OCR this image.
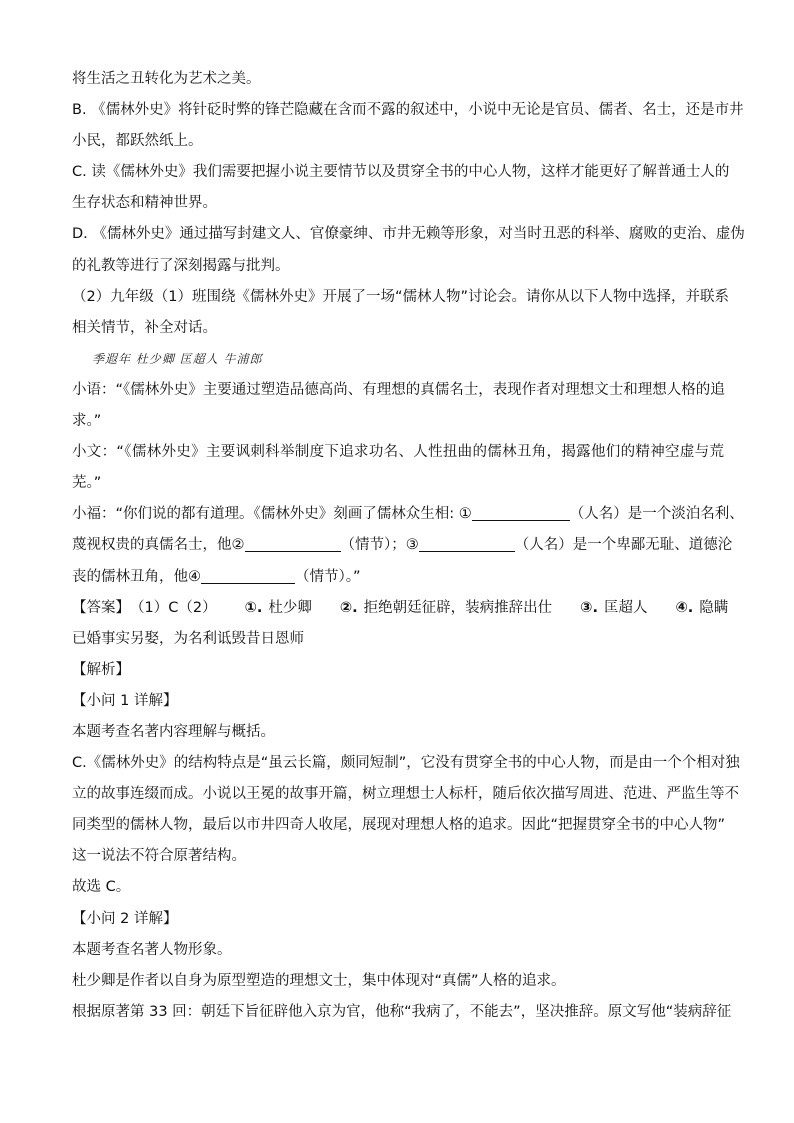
将生活之丑转化为艺术之美。
B. 《儒林外史》将针砭时弊的锋芒隐藏在含而不露的叙述中，小说中无论是官员、儒者、名士，还是市井
小民，都跃然纸上。
C. 读《儒林外史》我们需要把握小说主要情节以及贯穿全书的中心人物，这样才能更好了解普通士人的
生存状态和精神世界。
D. 《儒林外史》通过描写封建文人、官僚豪绅、市井无赖等形象，对当时丑恶的科举、腐败的吏治、虚伪
的礼教等进行了深刻揭露与批判。
（2）九年级（1）班围绕《儒林外史》开展了一场“儒林人物”讨论会。请你从以下人物中选择，并联系
相关情节，补全对话。
季遐年 杜少卿 匡超人 牛浦郎
小语：“《儒林外史》主要通过塑造品德高尚、有理想的真儒名士，表现作者对理想文士和理想人格的追
求。”
小文：“《儒林外史》主要讽刺科举制度下追求功名、人性扭曲的儒林丑角，揭露他们的精神空虚与荒
芜。”
小福：“你们说的都有道理。《儒林外史》刻画了儒林众生相: ①	（人名）是一个淡泊名利、
蔑视权贵的真儒名士，他②	（情节）；③	（人名）是一个卑鄙无耻、道德沦
丧的儒林丑角，他④	（情节）。”
【答案】（1）C（2） ①. 杜少卿 ②. 拒绝朝廷征辟，装病推辞出仕 ③. 匡超人 ④. 隐瞒
已婚事实另娶，为名利诋毁昔日恩师
【解析】
【小问 1 详解】
本题考查名著内容理解与概括。
C.《儒林外史》的结构特点是“虽云长篇，颇同短制”，它没有贯穿全书的中心人物，而是由一个个相对独
立的故事连缀而成。小说以王冕的故事开篇，树立理想士人标杆，随后依次描写周进、范进、严监生等不
同类型的儒林人物，最后以市井四奇人收尾，展现对理想人格的追求。因此“把握贯穿全书的中心人物”
这一说法不符合原著结构。
故选 C。
【小问 2 详解】
本题考查名著人物形象。
杜少卿是作者以自身为原型塑造的理想文士，集中体现对“真儒”人格的追求。
根据原著第 33 回：朝廷下旨征辟他入京为官，他称“我病了，不能去”，坚决推辞。原文写他“装病辞征
